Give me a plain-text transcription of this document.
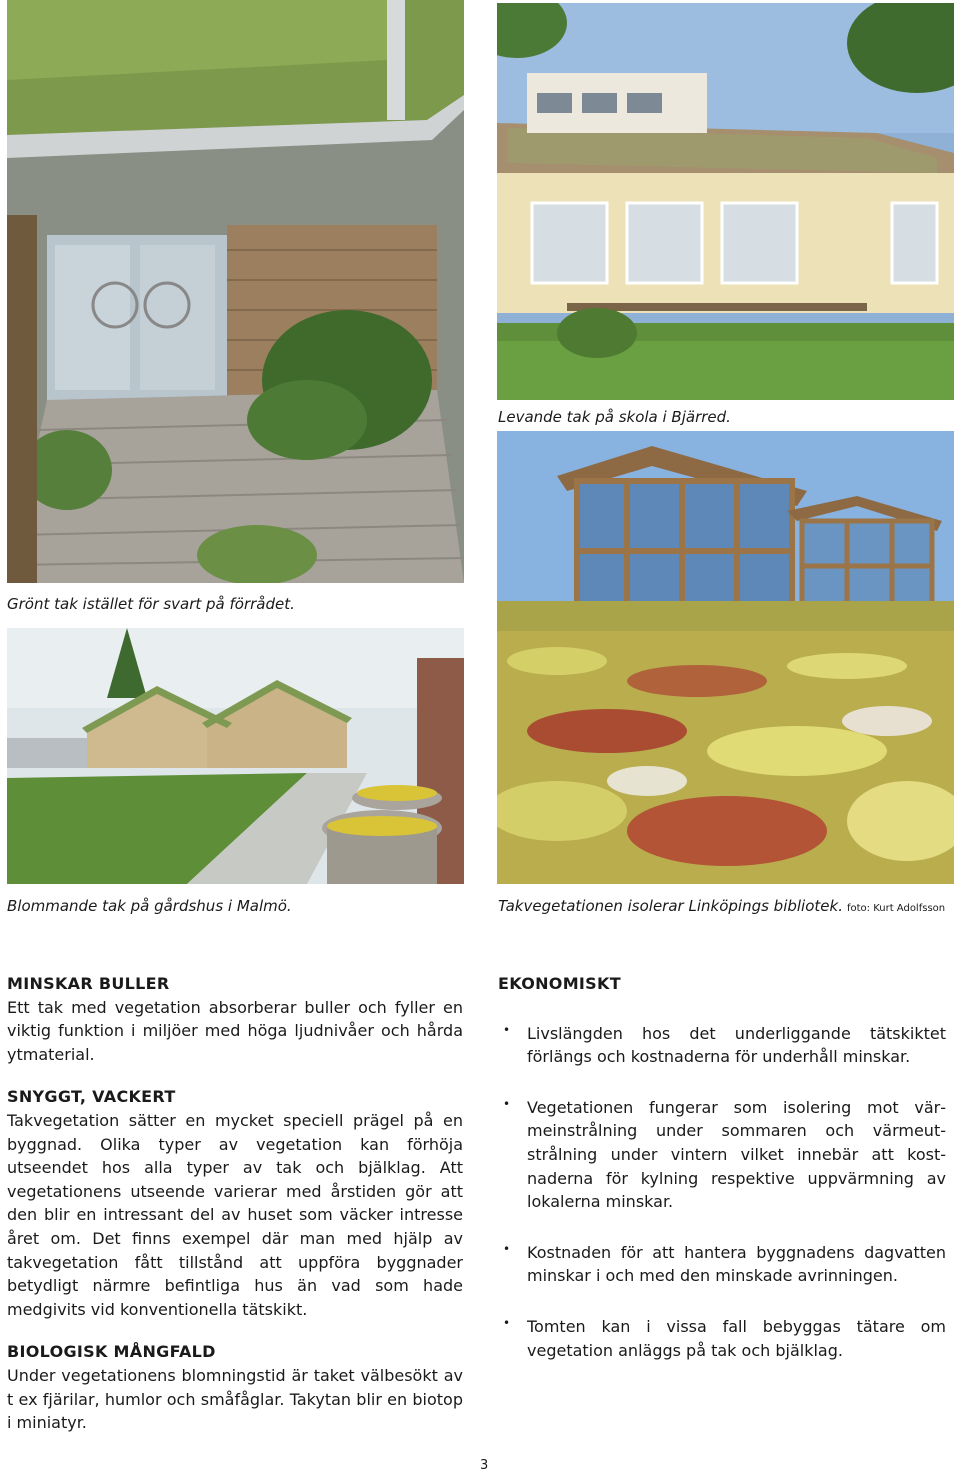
Grönt tak istället för svart på förrådet.
Levande tak på skola i Bjärred.
Blommande tak på gårdshus i Malmö.	Takvegetationen isolerar Linköpings bibliotek. foto: Kurt Adolfsson
MINSKAR BULLER

Ett tak med vegetation absorberar buller och fyller en viktig funktion i miljöer med höga ljudnivåer och hårda ytmaterial.

SNYGGT, VACKERT

Takvegetation sätter en mycket speciell prägel på en byggnad. Olika typer av vegetation kan förhöja utseendet hos alla typer av tak och bjälklag. Att vegetationens utseende varierar med årstiden gör att den blir en intressant del av huset som väcker intresse året om. Det finns exempel där man med hjälp av takvegetation fått tillstånd att uppföra byggnader betydligt närmre befintliga hus än vad som hade medgivits vid konventionella tätskikt.

BIOLOGISK MÅNGFALD

Under vegetationens blomningstid är taket välbesökt av t ex fjärilar, humlor och småfåglar. Takytan blir en biotop i miniatyr.

EKONOMISKT
• Livslängden hos det underliggande tätskiktet förlängs och kostnaderna för underhåll minskar.
• Vegetationen fungerar som isolering mot värmeinstrålning under sommaren och värmeutstrålning under vintern vilket innebär att kostnaderna för kylning respektive uppvärmning av lokalerna minskar.
• Kostnaden för att hantera byggnadens dagvatten minskar i och med den minskade avrinningen.
• Tomten kan i vissa fall bebyggas tätare om vegetation anläggs på tak och bjälklag.
3
